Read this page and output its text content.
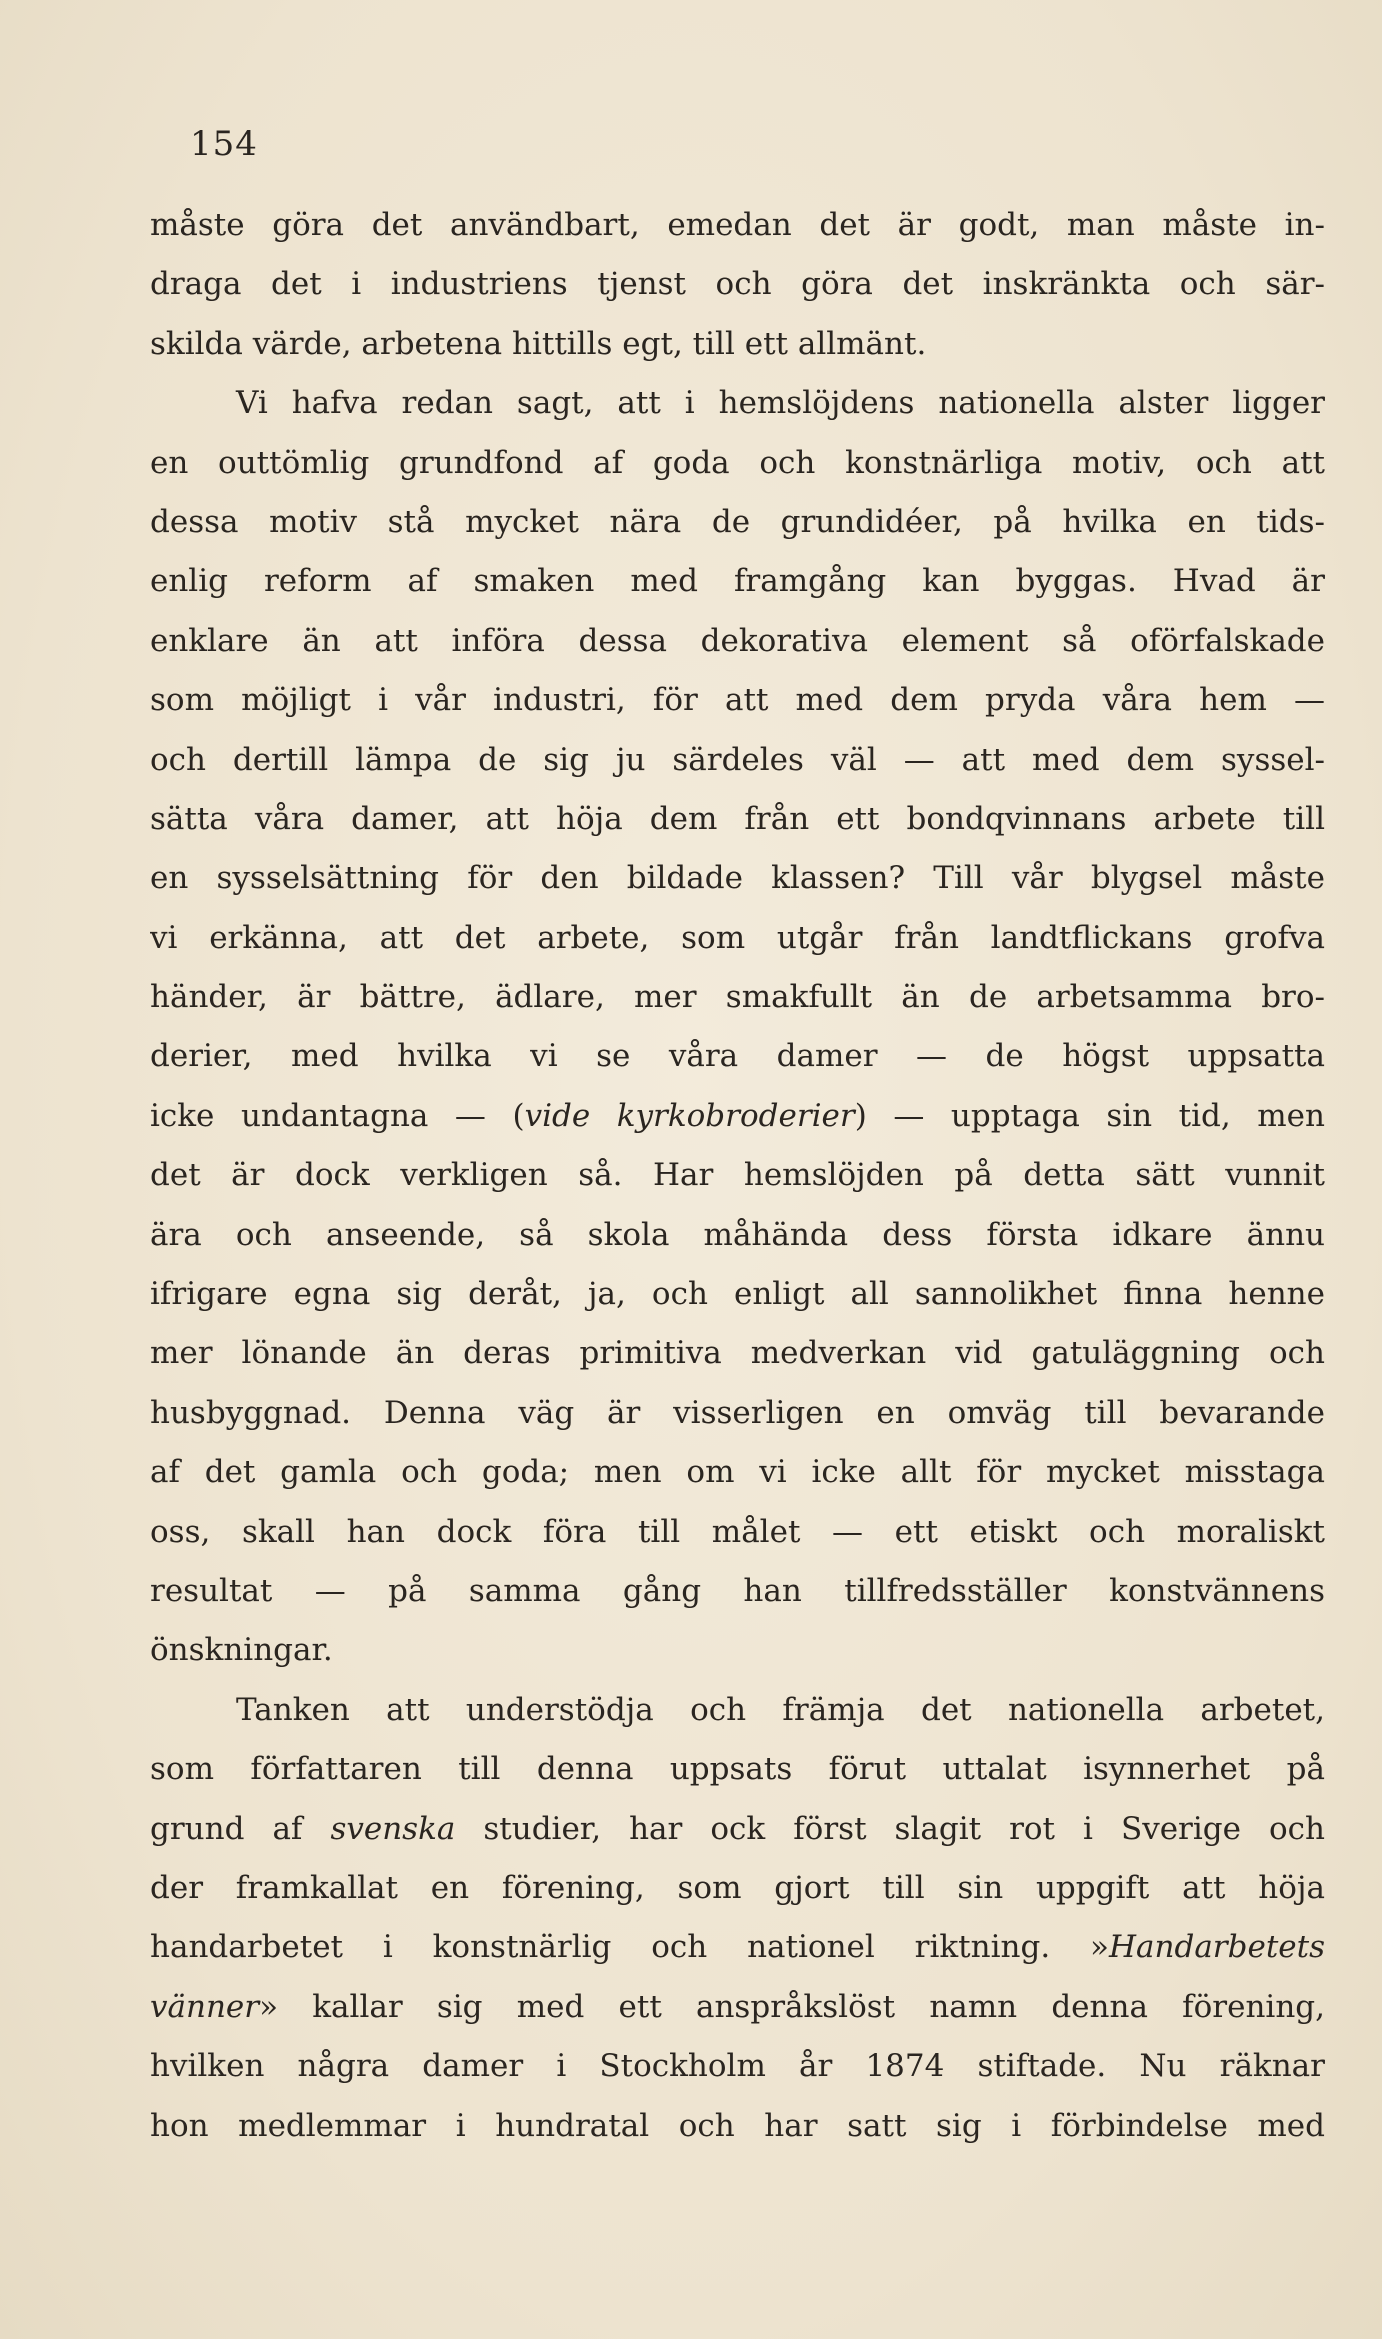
154
måste göra det användbart, emedan det är godt, man måste in-
draga det i industriens tjenst och göra det inskränkta och sär-
skilda värde, arbetena hittills egt, till ett allmänt.
Vi hafva redan sagt, att i hemslöjdens nationella alster ligger
en outtömlig grundfond af goda och konstnärliga motiv, och att
dessa motiv stå mycket nära de grundidéer, på hvilka en tids-
enlig reform af smaken med framgång kan byggas. Hvad är
enklare än att införa dessa dekorativa element så oförfalskade
som möjligt i vår industri, för att med dem pryda våra hem —
och dertill lämpa de sig ju särdeles väl — att med dem syssel-
sätta våra damer, att höja dem från ett bondqvinnans arbete till
en sysselsättning för den bildade klassen? Till vår blygsel måste
vi erkänna, att det arbete, som utgår från landtflickans grofva
händer, är bättre, ädlare, mer smakfullt än de arbetsamma bro-
derier, med hvilka vi se våra damer — de högst uppsatta
icke undantagna — (vide kyrkobroderier) — upptaga sin tid, men
det är dock verkligen så. Har hemslöjden på detta sätt vunnit
ära och anseende, så skola måhända dess första idkare ännu
ifrigare egna sig deråt, ja, och enligt all sannolikhet finna henne
mer lönande än deras primitiva medverkan vid gatuläggning och
husbyggnad. Denna väg är visserligen en omväg till bevarande
af det gamla och goda; men om vi icke allt för mycket misstaga
oss, skall han dock föra till målet — ett etiskt och moraliskt
resultat — på samma gång han tillfredsställer konstvännens
önskningar.
Tanken att understödja och främja det nationella arbetet,
som författaren till denna uppsats förut uttalat isynnerhet på
grund af svenska studier, har ock först slagit rot i Sverige och
der framkallat en förening, som gjort till sin uppgift att höja
handarbetet i konstnärlig och nationel riktning. »Handarbetets
vänner» kallar sig med ett anspråkslöst namn denna förening,
hvilken några damer i Stockholm år 1874 stiftade. Nu räknar
hon medlemmar i hundratal och har satt sig i förbindelse med
